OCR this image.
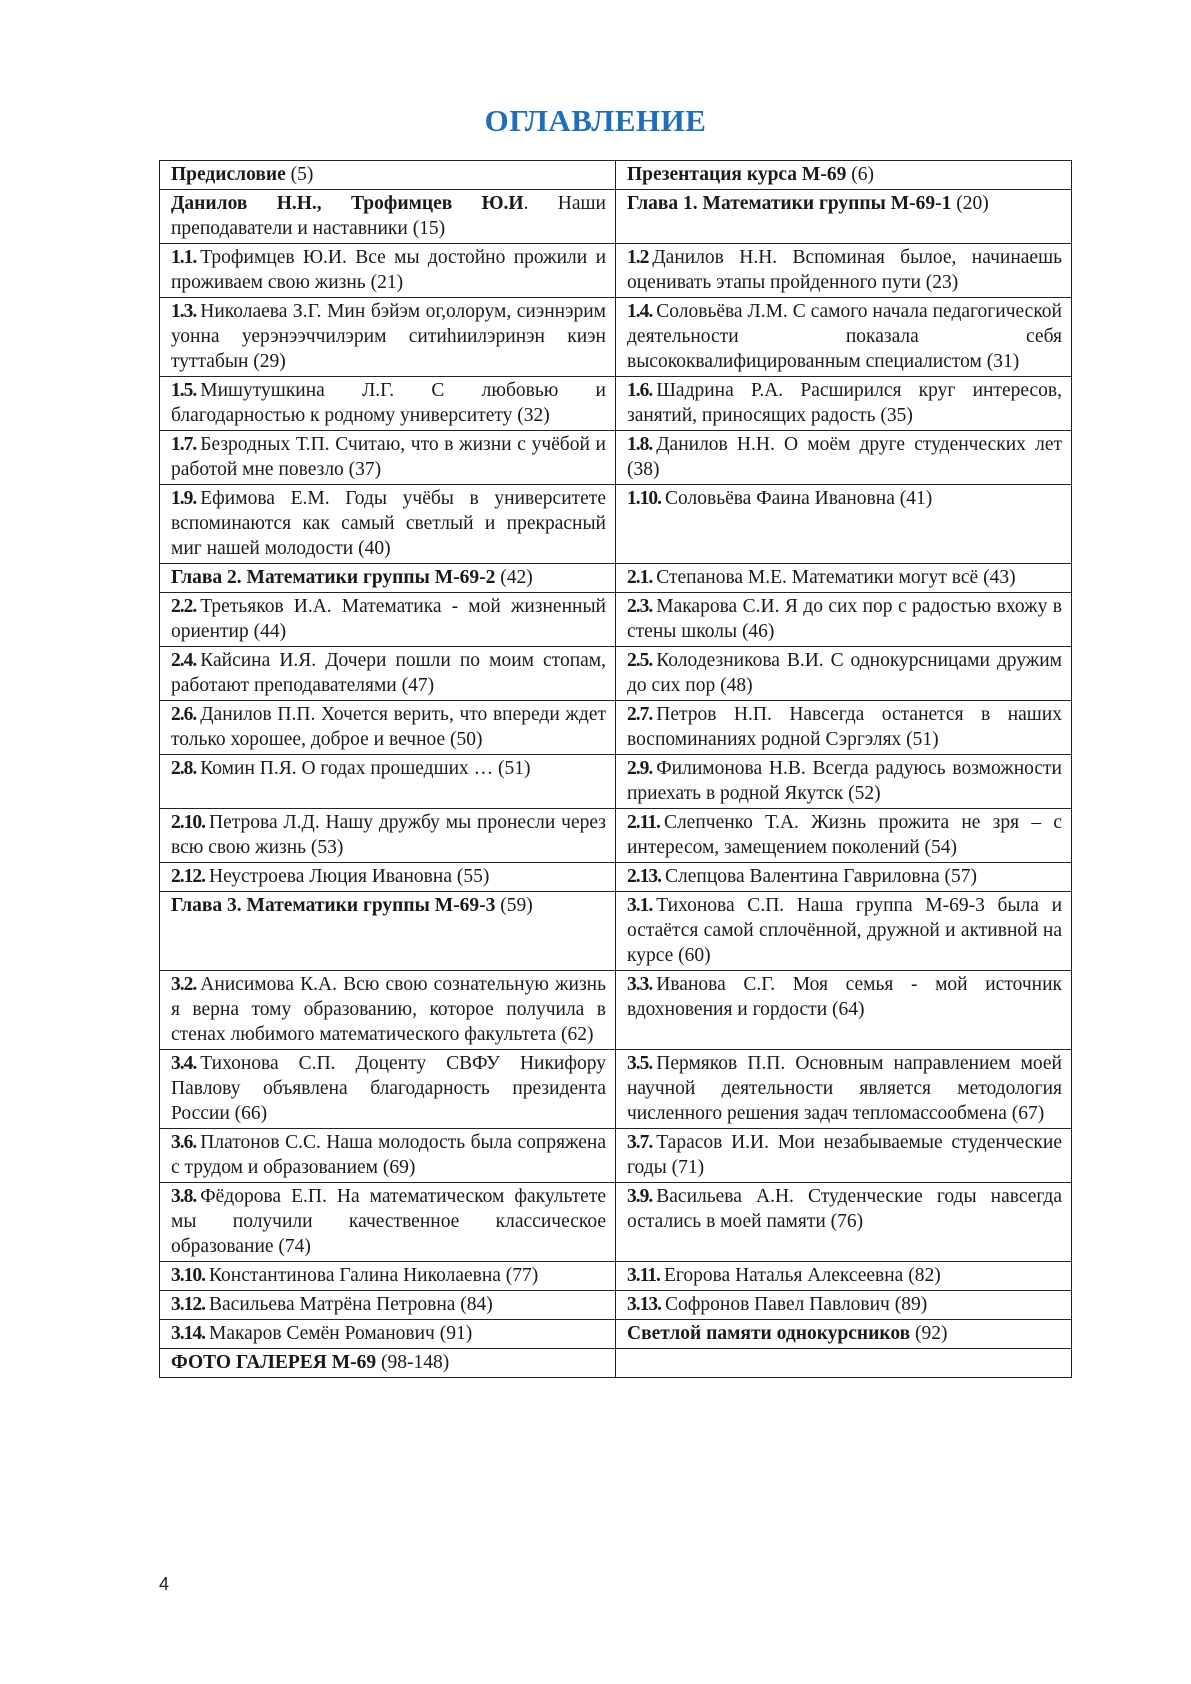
ОГЛАВЛЕНИЕ
Предисловие (5)	Презентация курса М-69 (6)
Данилов Н.Н., Трофимцев Ю.И. Наши преподаватели и наставники (15)	Глава 1. Математики группы М-69-1 (20)
1.1. Трофимцев Ю.И. Все мы достойно прожили и проживаем свою жизнь (21)	1.2 Данилов Н.Н. Вспоминая былое, начинаешь оценивать этапы пройденного пути (23)
1.3. Николаева З.Г. Мин бэйэм ог,олорум, сиэннэрим уонна уерэнээччилэрим ситиhиилэринэн киэн туттабын (29)	1.4. Соловьёва Л.М. С самого начала педагогической деятельности показала себя высококвалифицированным специалистом (31)
1.5. Мишутушкина Л.Г. С любовью и благодарностью к родному университету (32)	1.6. Шадрина Р.А. Расширился круг интересов, занятий, приносящих радость (35)
1.7. Безродных Т.П. Считаю, что в жизни с учёбой и работой мне повезло (37)	1.8. Данилов Н.Н. О моём друге студенческих лет (38)
1.9. Ефимова Е.М. Годы учёбы в университете вспоминаются как самый светлый и прекрасный миг нашей молодости (40)	1.10. Соловьёва Фаина Ивановна (41)
Глава 2. Математики группы М-69-2 (42)	2.1. Степанова М.Е. Математики могут всё (43)
2.2. Третьяков И.А. Математика - мой жизненный ориентир (44)	2.3. Макарова С.И. Я до сих пор с радостью вхожу в стены школы (46)
2.4. Кайсина И.Я. Дочери пошли по моим стопам, работают преподавателями (47)	2.5. Колодезникова В.И. С однокурсницами дружим до сих пор (48)
2.6. Данилов П.П. Хочется верить, что впереди ждет только хорошее, доброе и вечное (50)	2.7. Петров Н.П. Навсегда останется в наших воспоминаниях родной Сэргэлях (51)
2.8. Комин П.Я. О годах прошедших … (51)	2.9. Филимонова Н.В. Всегда радуюсь возможности приехать в родной Якутск (52)
2.10. Петрова Л.Д. Нашу дружбу мы пронесли через всю свою жизнь (53)	2.11. Слепченко Т.А. Жизнь прожита не зря – с интересом, замещением поколений (54)
2.12. Неустроева Люция Ивановна (55)	2.13. Слепцова Валентина Гавриловна (57)
Глава 3. Математики группы М-69-3 (59)	3.1. Тихонова С.П. Наша группа М-69-3 была и остаётся самой сплочённой, дружной и активной на курсе (60)
3.2. Анисимова К.А. Всю свою сознательную жизнь я верна тому образованию, которое получила в стенах любимого математического факультета (62)	3.3. Иванова С.Г. Моя семья - мой источник вдохновения и гордости (64)
3.4. Тихонова С.П. Доценту СВФУ Никифору Павлову объявлена благодарность президента России (66)	3.5. Пермяков П.П. Основным направлением моей научной деятельности является методология численного решения задач тепломассообмена (67)
3.6. Платонов С.С. Наша молодость была сопряжена с трудом и образованием (69)	3.7. Тарасов И.И. Мои незабываемые студенческие годы (71)
3.8. Фёдорова Е.П. На математическом факультете мы получили качественное классическое образование (74)	3.9. Васильева А.Н. Студенческие годы навсегда остались в моей памяти (76)
3.10. Константинова Галина Николаевна (77)	3.11. Егорова Наталья Алексеевна (82)
3.12. Васильева Матрёна Петровна (84)	3.13. Софронов Павел Павлович (89)
3.14. Макаров Семён Романович (91)	Светлой памяти однокурсников (92)
ФОТО ГАЛЕРЕЯ М-69 (98-148)	
4
